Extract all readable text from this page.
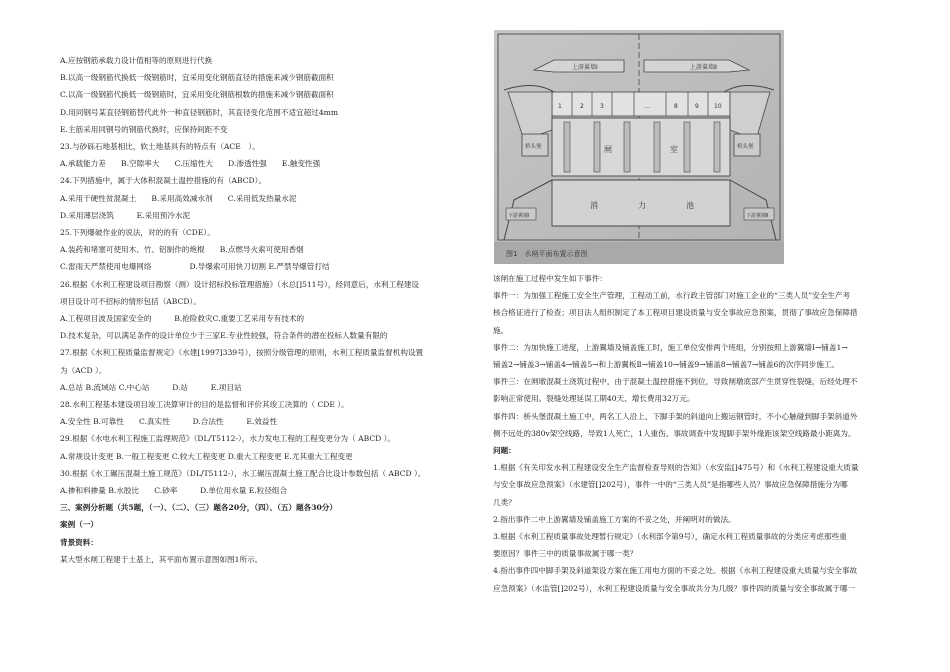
A.应按钢筋承载力设计值相等的原则进行代换

B.以高一级钢筋代换低一级钢筋时，宜采用变化钢筋直径的措施来减少钢筋截面积

C.以高一级钢筋代换低一级钢筋时，宜采用变化钢筋根数的措施来减少钢筋截面积

D.用同钢号某直径钢筋替代此外一种直径钢筋时，其直径变化范围不适宜超过4mm

E.主筋采用同钢号的钢筋代换时，应保持间距不变

23.与砂砾石地基相比，软土地基具有的特点有（ACE　）。

A.承载能力差　　B.空隙率大　　C.压缩性大　　D.渗透性强　　E.触变性强

24.下列措施中，属于大体积混凝土温控措施的有（ABCD）。

A.采用干硬性贫混凝土　　B.采用高效减水剂　　C.采用低发热量水泥

D.采用薄层浇筑　　　E.采用预冷水泥

25.下列爆破作业的说法，对的的有（CDE）。

A.装药和堵塞可使用木、竹、铝制作的炮棍　　B.点燃导火索可使用香烟

C.雷雨天严禁使用电爆网络　　　　　D.导爆索可用快刀切割 E.严禁导爆管打结

26.根据《水利工程建设项目勘察（测）设计招标投标管理措施》（水总[]511号），经同意后，水利工程建设

项目设计可不招标的情形包括（ABCD）。

A.工程项目波及国家安全的　　　B.抢险救灾C.重要工艺采用专有技术的

D.技术复杂，可以满足条件的设计单位少于三家E.专业性较强，符合条件的潜在投标人数量有限的

27.根据《水利工程质量监督规定》（水建[1997]339号），按照分级管理的原则，水利工程质量监督机构设置

为（ACD ）。

A.总站 B.流域站 C.中心站　　　D.站　　　E.项目站

28.水利工程基本建设项目竣工决算审计的目的是监督和评价其竣工决算的（ CDE ）。

A.安全性 B.可靠性　　C.真实性　　　D.合法性　　　E.效益性

29.根据《水电水利工程施工监理规范》（DL/T5112-），水力发电工程的工程变更分为（ ABCD ）。

A.常规设计变更 B.一般工程变更 C.较大工程变更 D.重大工程变更 E.尤其重大工程变更

30.根据《水工碾压混凝土施工规范》（DL/T5112-），水工碾压混凝土施工配合比设计参数包括（ ABCD ）。

A.掺和料掺量 B.水胶比　　C.砂率　　　D.单位用水量 E.粒径组合

三、案例分析题（共5题，（一）、（二）、（三）题各20分，（四）、（五）题各30分）

案例（一）

背景资料：

某大型水闸工程建于土基上，其平面布置示意图如图1所示。

上游翼墙Ⅰ	上游翼墙Ⅱ
1	2	3	…	8	9	10
桥头堡	桥头堡
闸	室
消	力	池
下游翼墙Ⅰ	下游翼墙Ⅱ
图1　水闸平面布置示意图

该闸在施工过程中发生如下事件：

事件一：为加强工程施工安全生产管理，工程动工前，水行政主管部门对施工企业的“三类人员”安全生产考

核合格证进行了检查；项目法人组织制定了本工程项目建设质量与安全事故应急预案，贯彻了事故应急保障措

施。

事件二：为加快施工进度，上游翼墙及铺盖施工时，施工单位安排两个班组，分别按照上游翼墙Ⅰ→铺盖1→

铺盖2→铺盖3→铺盖4→铺盖5→和上游翼板Ⅱ→铺盖10→铺盖9→铺盖8→铺盖7→铺盖6的次序同步施工。

事件三：在闸墩混凝土浇筑过程中，由于混凝土温控措施不到位，导致闸墩底部产生贯穿性裂缝，后经处理不

影响正常使用。裂缝处理延误工期40天、增长费用32万元。

事件四：桥头堡混凝土施工中，两名工人沿上、下脚手架的斜道向上搬运钢管时，不小心触碰到脚手架斜道外

侧不远处的380v架空线路，导致1人死亡，1人重伤。事故调查中发现脚手架外缘距该架空线路最小距离为。

问题：

1.根据《有关印发水利工程建设安全生产监督检查导则的告知》（水安监[]475号）和《水利工程建设重大质量

与安全事故应急预案》（水建管[]202号），事件一中的“三类人员”是指哪些人员？事故应急保障措施分为哪

几类？

2.指出事件二中上游翼墙及铺盖施工方案的不妥之处，并阐明对的做法。

3.根据《水利工程质量事故处理暂行规定》（水利部令第9号），确定水利工程质量事故的分类应考虑那些重

要原因？事件三中的质量事故属于哪一类？

4.指出事件四中脚手架及斜道架设方案在施工用电方面的不妥之处。根据《水利工程建设重大质量与安全事故

应急预案》（水监管[]202号），水利工程建设质量与安全事故共分为几级？事件四的质量与安全事故属于哪一
